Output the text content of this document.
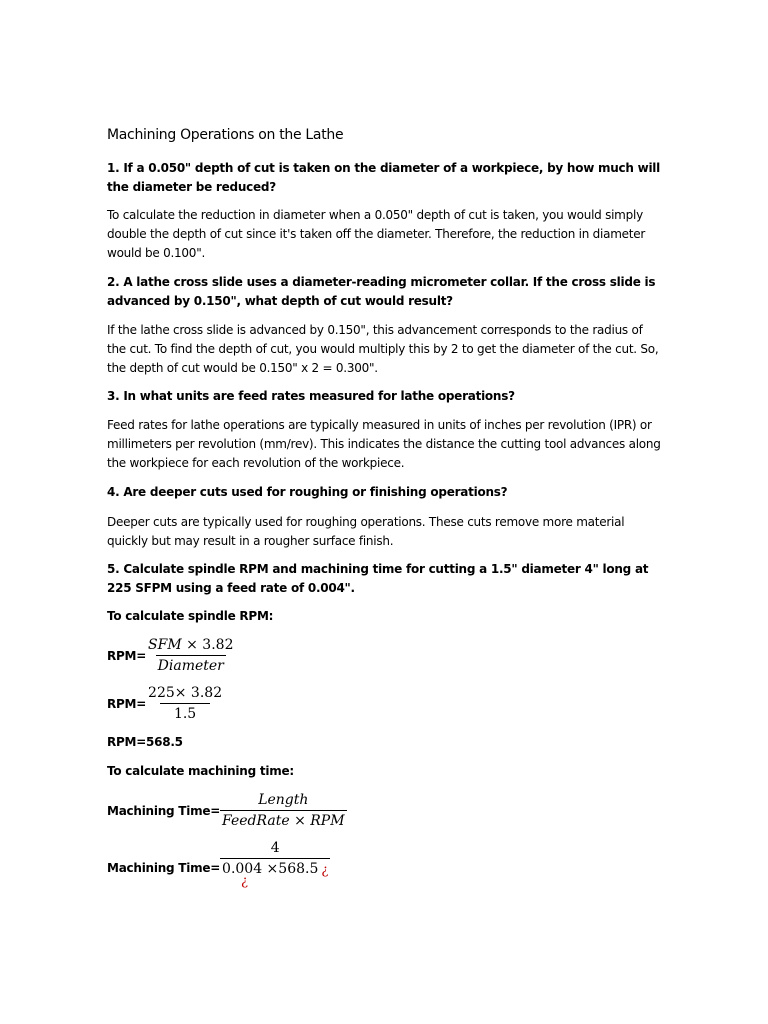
Machining Operations on the Lathe
1. If a 0.050" depth of cut is taken on the diameter of a workpiece, by how much will the diameter be reduced?
To calculate the reduction in diameter when a 0.050" depth of cut is taken, you would simply double the depth of cut since it's taken off the diameter. Therefore, the reduction in diameter would be 0.100".
2. A lathe cross slide uses a diameter-reading micrometer collar. If the cross slide is advanced by 0.150", what depth of cut would result?
If the lathe cross slide is advanced by 0.150", this advancement corresponds to the radius of the cut. To find the depth of cut, you would multiply this by 2 to get the diameter of the cut. So, the depth of cut would be 0.150" x 2 = 0.300".
3. In what units are feed rates measured for lathe operations?
Feed rates for lathe operations are typically measured in units of inches per revolution (IPR) or millimeters per revolution (mm/rev). This indicates the distance the cutting tool advances along the workpiece for each revolution of the workpiece.
4. Are deeper cuts used for roughing or finishing operations?
Deeper cuts are typically used for roughing operations. These cuts remove more material quickly but may result in a rougher surface finish.
5. Calculate spindle RPM and machining time for cutting a 1.5" diameter 4" long at 225 SFPM using a feed rate of 0.004".
To calculate spindle RPM:
$RPM= \frac{\text{SFM × 3.82}}{\text{Diameter}}$
$RPM= \frac{225\times 3.82}{1.5}$
RPM=568.5
To calculate machining time:
Machining Time= $\frac{\text{Length}}{\text{FeedRate × RPM}}$
Machining Time= $\frac{4}{0.004 \times 568.5 ¿}$
¿
